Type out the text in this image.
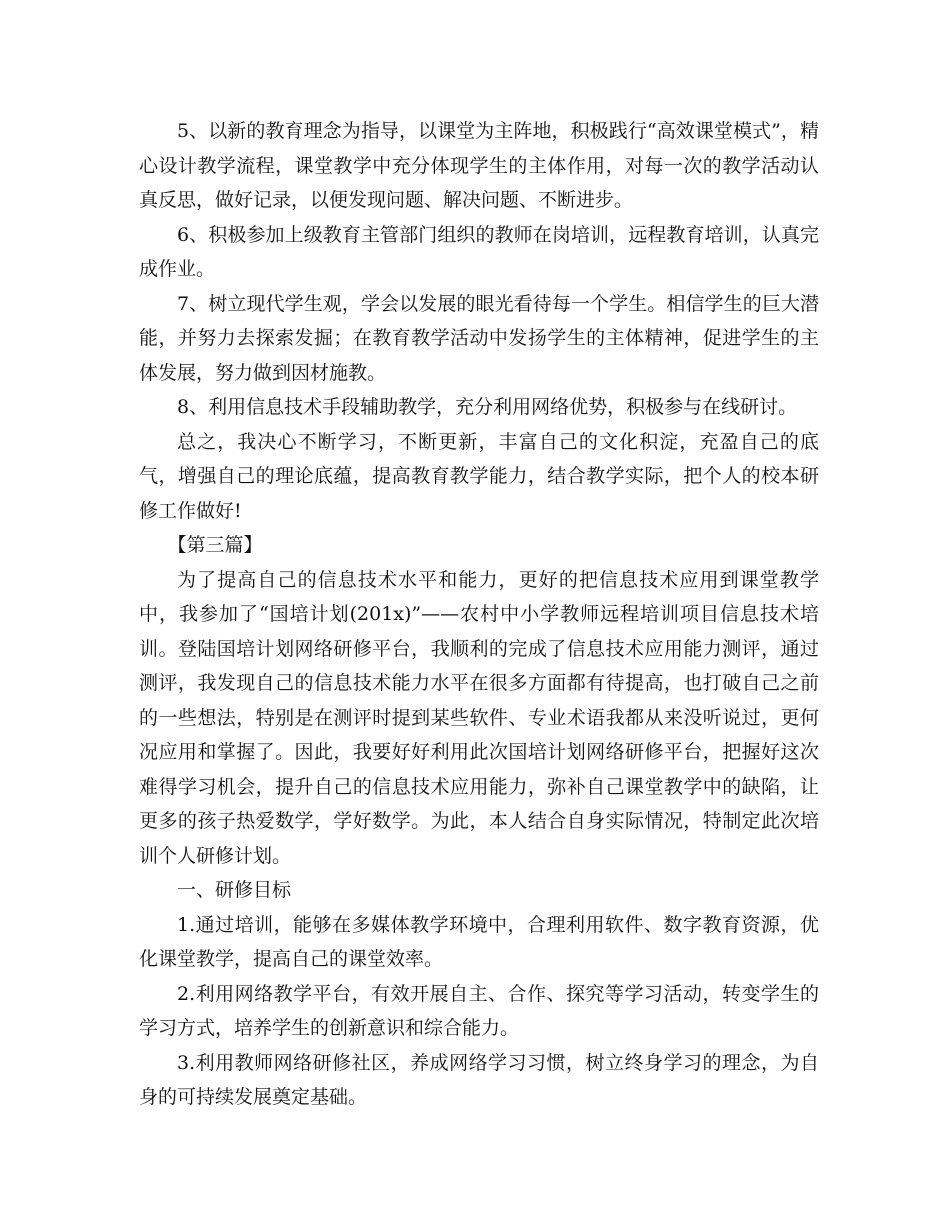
5、以新的教育理念为指导，以课堂为主阵地，积极践行“高效课堂模式”，精心设计教学流程，课堂教学中充分体现学生的主体作用，对每一次的教学活动认真反思，做好记录，以便发现问题、解决问题、不断进步。

6、积极参加上级教育主管部门组织的教师在岗培训，远程教育培训，认真完成作业。

7、树立现代学生观，学会以发展的眼光看待每一个学生。相信学生的巨大潜能，并努力去探索发掘；在教育教学活动中发扬学生的主体精神，促进学生的主体发展，努力做到因材施教。

8、利用信息技术手段辅助教学，充分利用网络优势，积极参与在线研讨。

总之，我决心不断学习，不断更新，丰富自己的文化积淀，充盈自己的底气，增强自己的理论底蕴，提高教育教学能力，结合教学实际，把个人的校本研修工作做好!

【第三篇】

为了提高自己的信息技术水平和能力，更好的把信息技术应用到课堂教学中，我参加了“国培计划(201x)”——农村中小学教师远程培训项目信息技术培训。登陆国培计划网络研修平台，我顺利的完成了信息技术应用能力测评，通过测评，我发现自己的信息技术能力水平在很多方面都有待提高，也打破自己之前的一些想法，特别是在测评时提到某些软件、专业术语我都从来没听说过，更何况应用和掌握了。因此，我要好好利用此次国培计划网络研修平台，把握好这次难得学习机会，提升自己的信息技术应用能力，弥补自己课堂教学中的缺陷，让更多的孩子热爱数学，学好数学。为此，本人结合自身实际情况，特制定此次培训个人研修计划。

一、研修目标

1.通过培训，能够在多媒体教学环境中，合理利用软件、数字教育资源，优化课堂教学，提高自己的课堂效率。

2.利用网络教学平台，有效开展自主、合作、探究等学习活动，转变学生的学习方式，培养学生的创新意识和综合能力。

3.利用教师网络研修社区，养成网络学习习惯，树立终身学习的理念，为自身的可持续发展奠定基础。
